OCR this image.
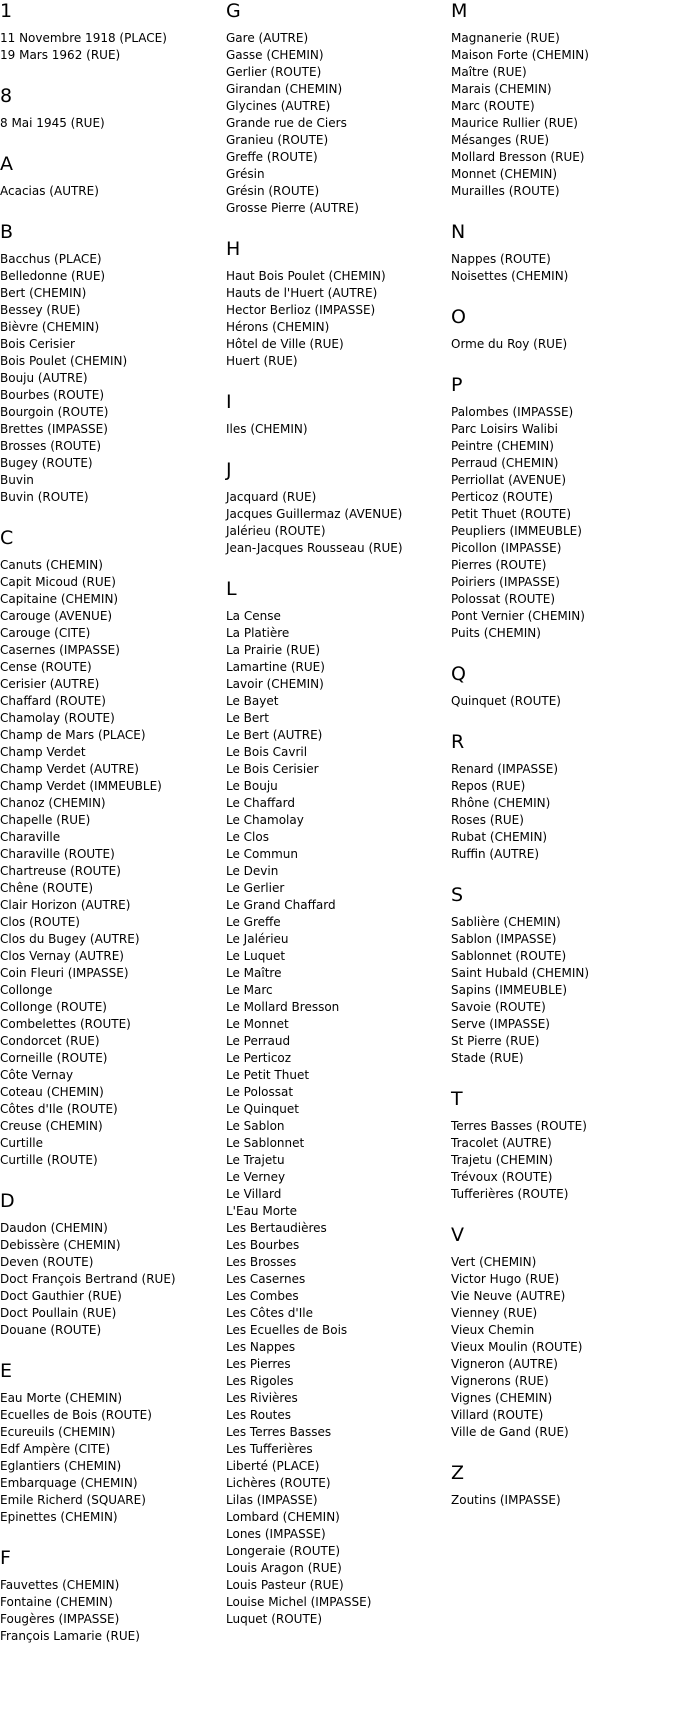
1
11 Novembre 1918 (PLACE)
19 Mars 1962 (RUE)
8
8 Mai 1945 (RUE)
A
Acacias (AUTRE)
B
Bacchus (PLACE)
Belledonne (RUE)
Bert (CHEMIN)
Bessey (RUE)
Bièvre (CHEMIN)
Bois Cerisier
Bois Poulet (CHEMIN)
Bouju (AUTRE)
Bourbes (ROUTE)
Bourgoin (ROUTE)
Brettes (IMPASSE)
Brosses (ROUTE)
Bugey (ROUTE)
Buvin
Buvin (ROUTE)
C
Canuts (CHEMIN)
Capit Micoud (RUE)
Capitaine (CHEMIN)
Carouge (AVENUE)
Carouge (CITE)
Casernes (IMPASSE)
Cense (ROUTE)
Cerisier (AUTRE)
Chaffard (ROUTE)
Chamolay (ROUTE)
Champ de Mars (PLACE)
Champ Verdet
Champ Verdet (AUTRE)
Champ Verdet (IMMEUBLE)
Chanoz (CHEMIN)
Chapelle (RUE)
Charaville
Charaville (ROUTE)
Chartreuse (ROUTE)
Chêne (ROUTE)
Clair Horizon (AUTRE)
Clos (ROUTE)
Clos du Bugey (AUTRE)
Clos Vernay (AUTRE)
Coin Fleuri (IMPASSE)
Collonge
Collonge (ROUTE)
Combelettes (ROUTE)
Condorcet (RUE)
Corneille (ROUTE)
Côte Vernay
Coteau (CHEMIN)
Côtes d'Ile (ROUTE)
Creuse (CHEMIN)
Curtille
Curtille (ROUTE)
D
Daudon (CHEMIN)
Debissère (CHEMIN)
Deven (ROUTE)
Doct François Bertrand (RUE)
Doct Gauthier (RUE)
Doct Poullain (RUE)
Douane (ROUTE)
E
Eau Morte (CHEMIN)
Ecuelles de Bois (ROUTE)
Ecureuils (CHEMIN)
Edf Ampère (CITE)
Eglantiers (CHEMIN)
Embarquage (CHEMIN)
Emile Richerd (SQUARE)
Epinettes (CHEMIN)
F
Fauvettes (CHEMIN)
Fontaine (CHEMIN)
Fougères (IMPASSE)
François Lamarie (RUE)
G
Gare (AUTRE)
Gasse (CHEMIN)
Gerlier (ROUTE)
Girandan (CHEMIN)
Glycines (AUTRE)
Grande rue de Ciers
Granieu (ROUTE)
Greffe (ROUTE)
Grésin
Grésin (ROUTE)
Grosse Pierre (AUTRE)
H
Haut Bois Poulet (CHEMIN)
Hauts de l'Huert (AUTRE)
Hector Berlioz (IMPASSE)
Hérons (CHEMIN)
Hôtel de Ville (RUE)
Huert (RUE)
I
Iles (CHEMIN)
J
Jacquard (RUE)
Jacques Guillermaz (AVENUE)
Jalérieu (ROUTE)
Jean-Jacques Rousseau (RUE)
L
La Cense
La Platière
La Prairie (RUE)
Lamartine (RUE)
Lavoir (CHEMIN)
Le Bayet
Le Bert
Le Bert (AUTRE)
Le Bois Cavril
Le Bois Cerisier
Le Bouju
Le Chaffard
Le Chamolay
Le Clos
Le Commun
Le Devin
Le Gerlier
Le Grand Chaffard
Le Greffe
Le Jalérieu
Le Luquet
Le Maître
Le Marc
Le Mollard Bresson
Le Monnet
Le Perraud
Le Perticoz
Le Petit Thuet
Le Polossat
Le Quinquet
Le Sablon
Le Sablonnet
Le Trajetu
Le Verney
Le Villard
L'Eau Morte
Les Bertaudières
Les Bourbes
Les Brosses
Les Casernes
Les Combes
Les Côtes d'Ile
Les Ecuelles de Bois
Les Nappes
Les Pierres
Les Rigoles
Les Rivières
Les Routes
Les Terres Basses
Les Tufferières
Liberté (PLACE)
Lichères (ROUTE)
Lilas (IMPASSE)
Lombard (CHEMIN)
Lones (IMPASSE)
Longeraie (ROUTE)
Louis Aragon (RUE)
Louis Pasteur (RUE)
Louise Michel (IMPASSE)
Luquet (ROUTE)
M
Magnanerie (RUE)
Maison Forte (CHEMIN)
Maître (RUE)
Marais (CHEMIN)
Marc (ROUTE)
Maurice Rullier (RUE)
Mésanges (RUE)
Mollard Bresson (RUE)
Monnet (CHEMIN)
Murailles (ROUTE)
N
Nappes (ROUTE)
Noisettes (CHEMIN)
O
Orme du Roy (RUE)
P
Palombes (IMPASSE)
Parc Loisirs Walibi
Peintre (CHEMIN)
Perraud (CHEMIN)
Perriollat (AVENUE)
Perticoz (ROUTE)
Petit Thuet (ROUTE)
Peupliers (IMMEUBLE)
Picollon (IMPASSE)
Pierres (ROUTE)
Poiriers (IMPASSE)
Polossat (ROUTE)
Pont Vernier (CHEMIN)
Puits (CHEMIN)
Q
Quinquet (ROUTE)
R
Renard (IMPASSE)
Repos (RUE)
Rhône (CHEMIN)
Roses (RUE)
Rubat (CHEMIN)
Ruffin (AUTRE)
S
Sablière (CHEMIN)
Sablon (IMPASSE)
Sablonnet (ROUTE)
Saint Hubald (CHEMIN)
Sapins (IMMEUBLE)
Savoie (ROUTE)
Serve (IMPASSE)
St Pierre (RUE)
Stade (RUE)
T
Terres Basses (ROUTE)
Tracolet (AUTRE)
Trajetu (CHEMIN)
Trévoux (ROUTE)
Tufferières (ROUTE)
V
Vert (CHEMIN)
Victor Hugo (RUE)
Vie Neuve (AUTRE)
Vienney (RUE)
Vieux Chemin
Vieux Moulin (ROUTE)
Vigneron (AUTRE)
Vignerons (RUE)
Vignes (CHEMIN)
Villard (ROUTE)
Ville de Gand (RUE)
Z
Zoutins (IMPASSE)
